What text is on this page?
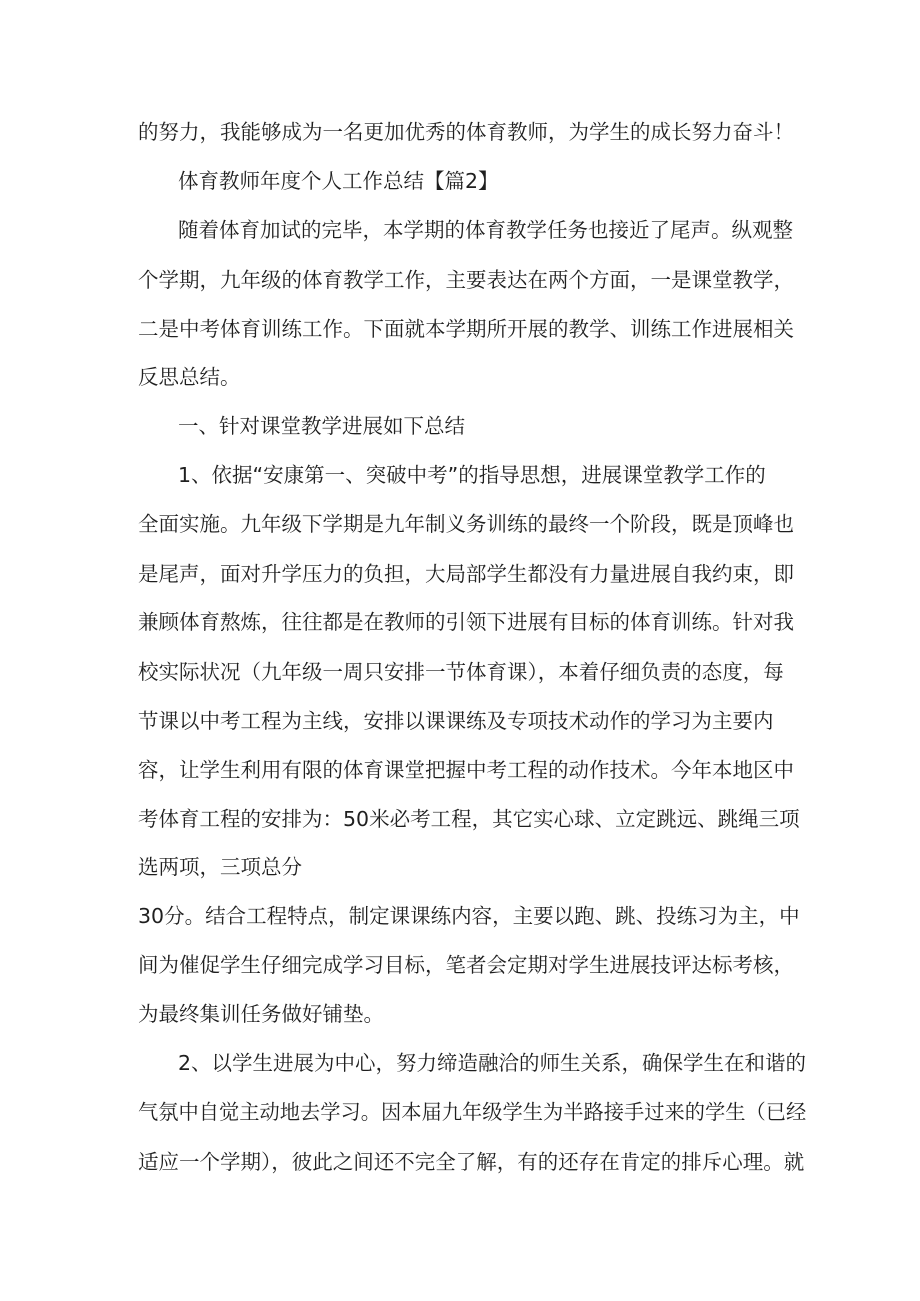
的努力，我能够成为一名更加优秀的体育教师，为学生的成长努力奋斗！
体育教师年度个人工作总结【篇2】
随着体育加试的完毕，本学期的体育教学任务也接近了尾声。纵观整
个学期，九年级的体育教学工作，主要表达在两个方面，一是课堂教学，
二是中考体育训练工作。下面就本学期所开展的教学、训练工作进展相关
反思总结。
一、针对课堂教学进展如下总结
1、依据“安康第一、突破中考”的指导思想，进展课堂教学工作的
全面实施。九年级下学期是九年制义务训练的最终一个阶段，既是顶峰也
是尾声，面对升学压力的负担，大局部学生都没有力量进展自我约束，即
兼顾体育熬炼，往往都是在教师的引领下进展有目标的体育训练。针对我
校实际状况（九年级一周只安排一节体育课），本着仔细负责的态度，每
节课以中考工程为主线，安排以课课练及专项技术动作的学习为主要内
容，让学生利用有限的体育课堂把握中考工程的动作技术。今年本地区中
考体育工程的安排为：50米必考工程，其它实心球、立定跳远、跳绳三项
选两项，三项总分
30分。结合工程特点，制定课课练内容，主要以跑、跳、投练习为主，中
间为催促学生仔细完成学习目标，笔者会定期对学生进展技评达标考核，
为最终集训任务做好铺垫。
2、以学生进展为中心，努力缔造融洽的师生关系，确保学生在和谐的
气氛中自觉主动地去学习。因本届九年级学生为半路接手过来的学生（已经
适应一个学期），彼此之间还不完全了解，有的还存在肯定的排斥心理。就
